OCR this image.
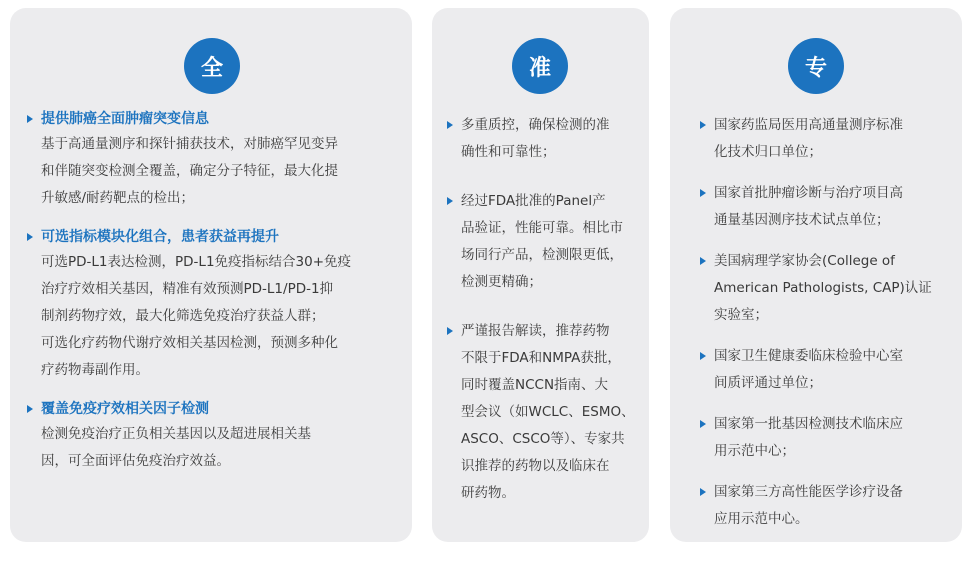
全
提供肺癌全面肿瘤突变信息
基于高通量测序和探针捕获技术，对肺癌罕见变异
和伴随突变检测全覆盖，确定分子特征，最大化提
升敏感/耐药靶点的检出；
可选指标模块化组合，患者获益再提升
可选PD-L1表达检测，PD-L1免疫指标结合30+免疫
治疗疗效相关基因，精准有效预测PD-L1/PD-1抑
制剂药物疗效，最大化筛选免疫治疗获益人群；
可选化疗药物代谢疗效相关基因检测，预测多种化
疗药物毒副作用。
覆盖免疫疗效相关因子检测
检测免疫治疗正负相关基因以及超进展相关基
因，可全面评估免疫治疗效益。
准
多重质控，确保检测的准
确性和可靠性；
经过FDA批准的Panel产
品验证，性能可靠。相比市
场同行产品，检测限更低，
检测更精确；
严谨报告解读，推荐药物
不限于FDA和NMPA获批，
同时覆盖NCCN指南、大
型会议（如WCLC、ESMO、
ASCO、CSCO等）、专家共
识推荐的药物以及临床在
研药物。
专
国家药监局医用高通量测序标准
化技术归口单位；
国家首批肿瘤诊断与治疗项目高
通量基因测序技术试点单位；
美国病理学家协会(College of
American Pathologists, CAP)认证
实验室；
国家卫生健康委临床检验中心室
间质评通过单位；
国家第一批基因检测技术临床应
用示范中心；
国家第三方高性能医学诊疗设备
应用示范中心。
